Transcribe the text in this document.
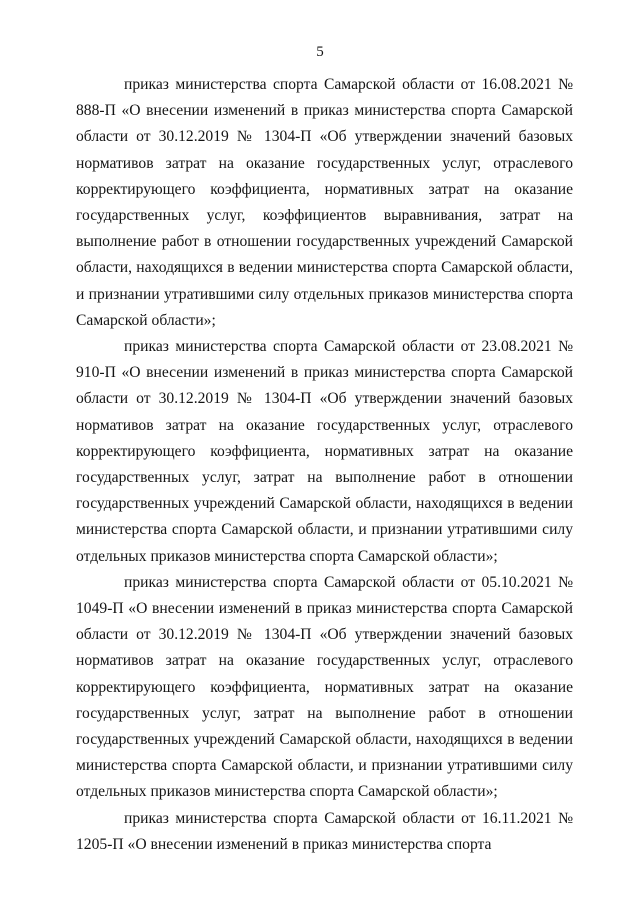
5

приказ министерства спорта Самарской области от 16.08.2021 № 888-П «О внесении изменений в приказ министерства спорта Самарской области от 30.12.2019 № 1304-П «Об утверждении значений базовых нормативов затрат на оказание государственных услуг, отраслевого корректирующего коэффициента, нормативных затрат на оказание государственных услуг, коэффициентов выравнивания, затрат на выполнение работ в отношении государственных учреждений Самарской области, находящихся в ведении министерства спорта Самарской области, и признании утратившими силу отдельных приказов министерства спорта Самарской области»;

приказ министерства спорта Самарской области от 23.08.2021 № 910-П «О внесении изменений в приказ министерства спорта Самарской области от 30.12.2019 № 1304-П «Об утверждении значений базовых нормативов затрат на оказание государственных услуг, отраслевого корректирующего коэффициента, нормативных затрат на оказание государственных услуг, затрат на выполнение работ в отношении государственных учреждений Самарской области, находящихся в ведении министерства спорта Самарской области, и признании утратившими силу отдельных приказов министерства спорта Самарской области»;

приказ министерства спорта Самарской области от 05.10.2021 № 1049-П «О внесении изменений в приказ министерства спорта Самарской области от 30.12.2019 № 1304-П «Об утверждении значений базовых нормативов затрат на оказание государственных услуг, отраслевого корректирующего коэффициента, нормативных затрат на оказание государственных услуг, затрат на выполнение работ в отношении государственных учреждений Самарской области, находящихся в ведении министерства спорта Самарской области, и признании утратившими силу отдельных приказов министерства спорта Самарской области»;

приказ министерства спорта Самарской области от 16.11.2021 № 1205-П «О внесении изменений в приказ министерства спорта
